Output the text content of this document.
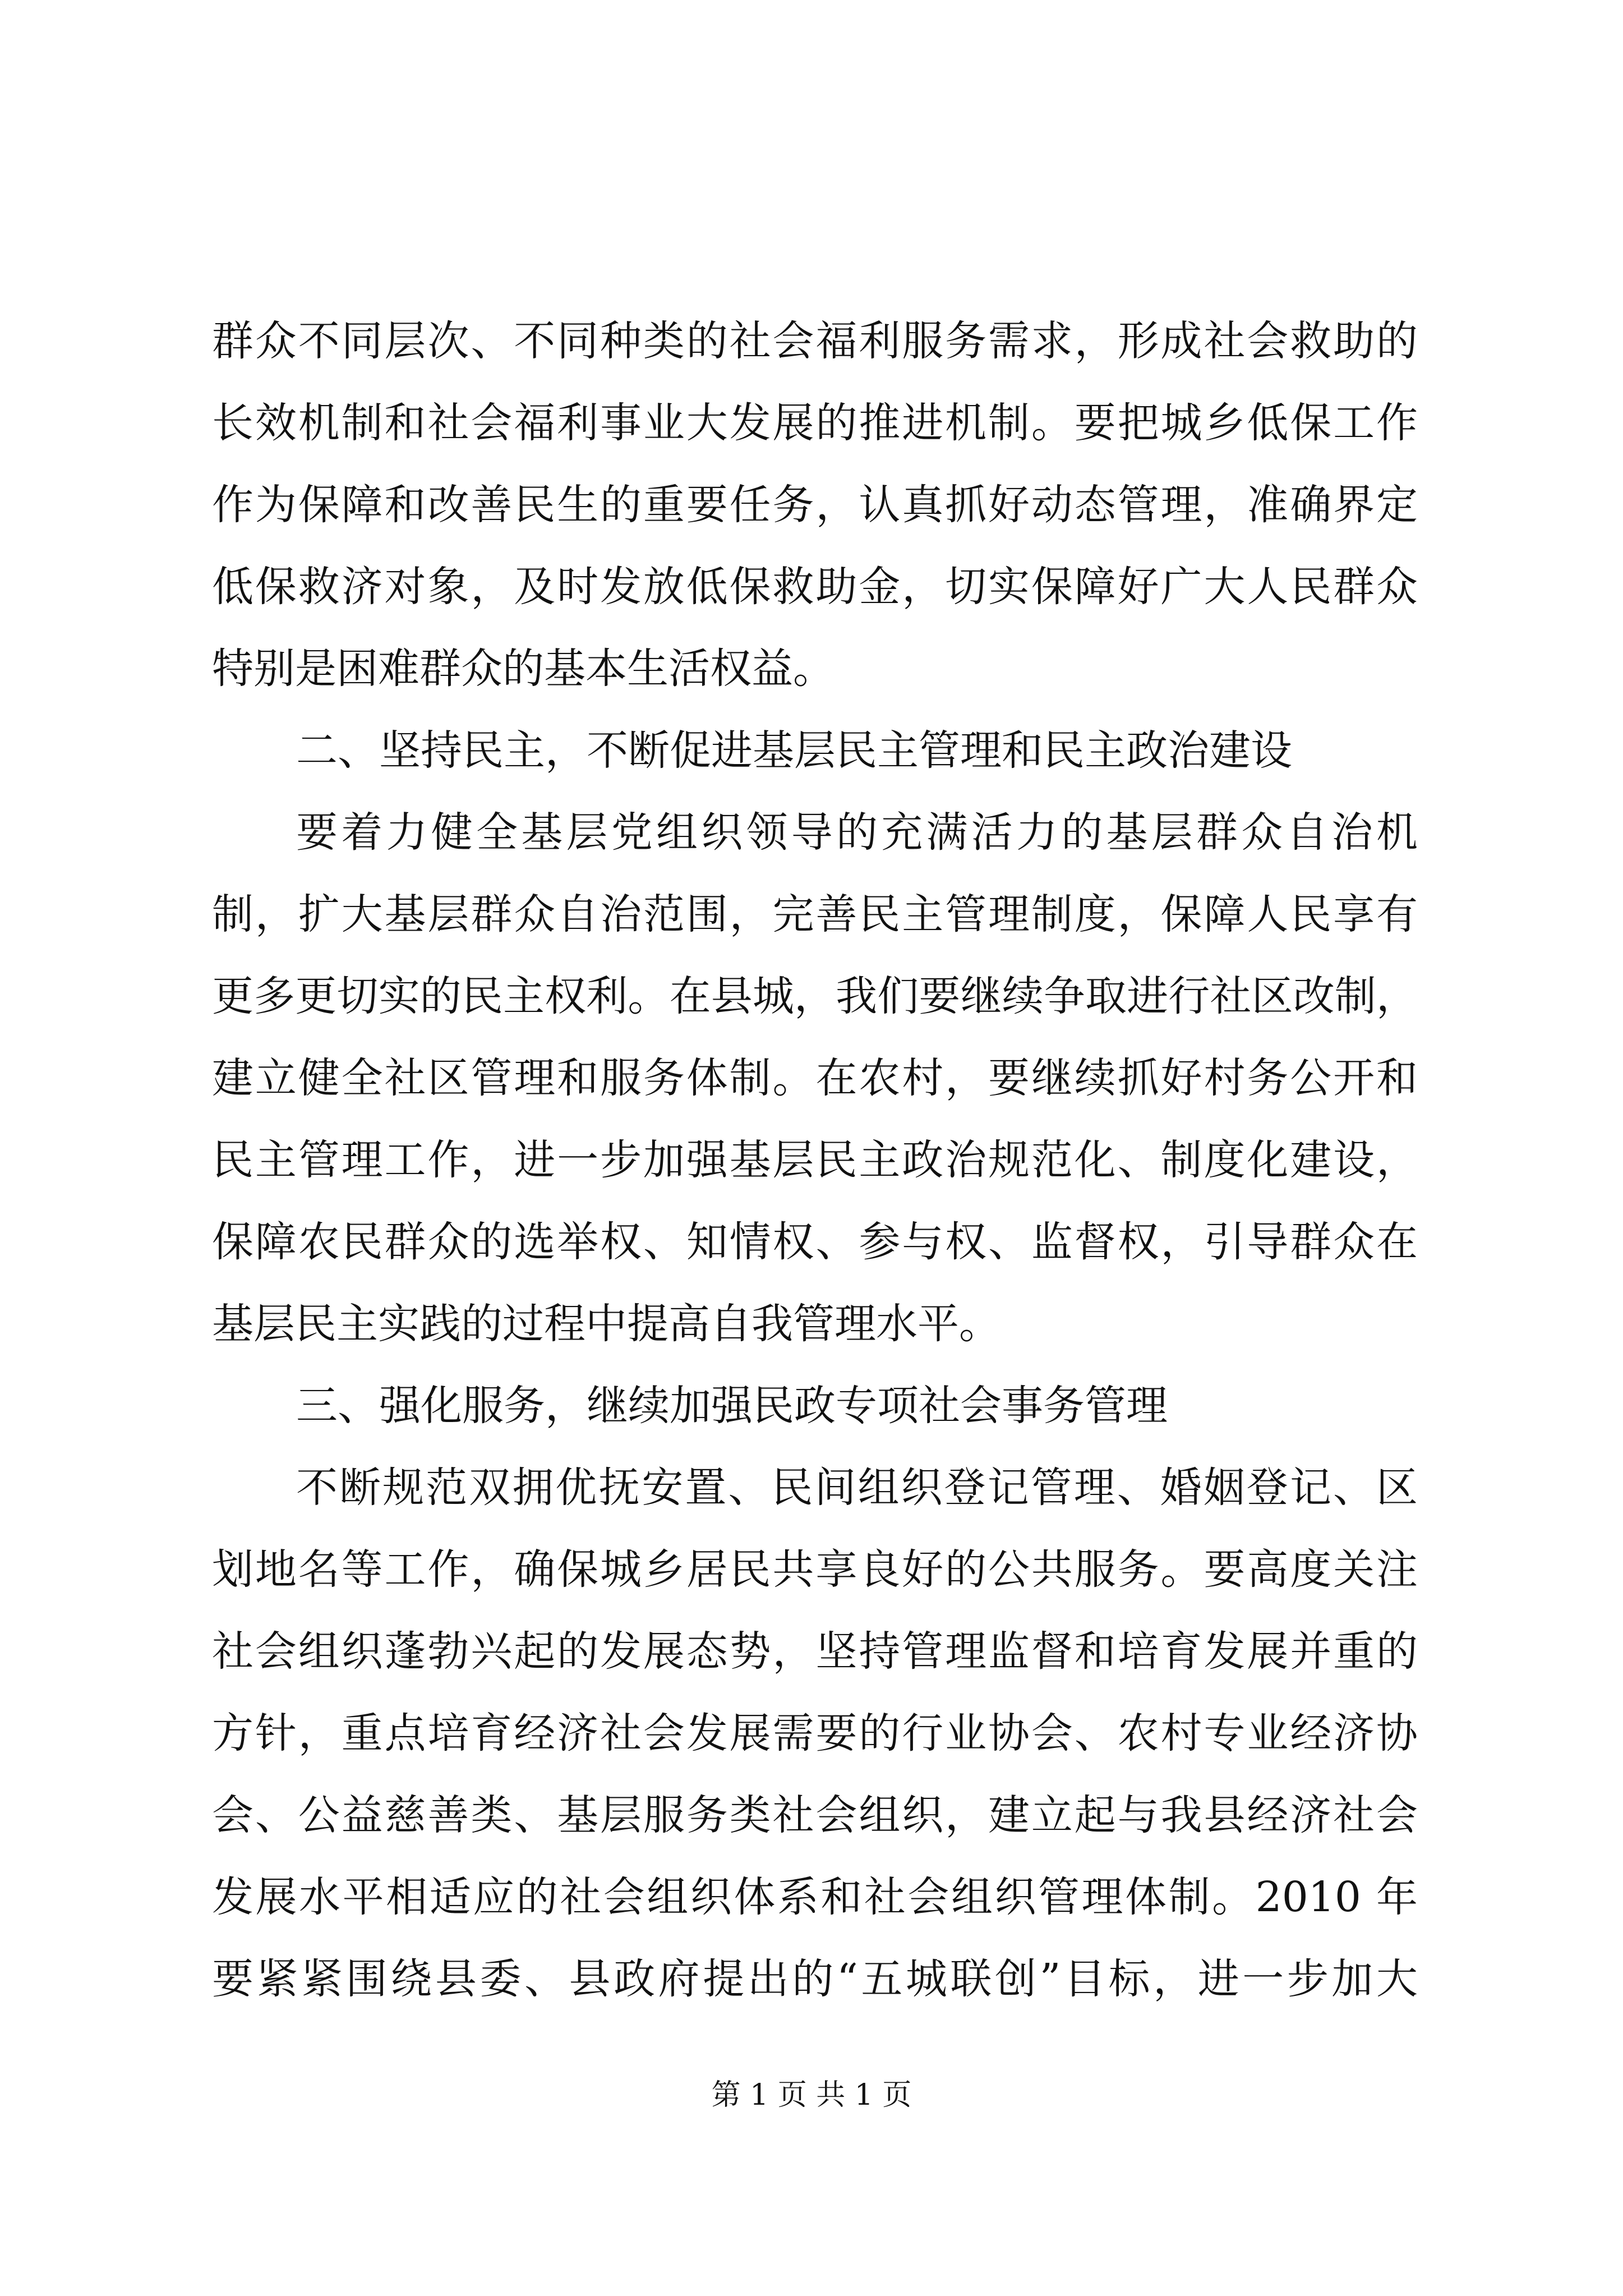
群众不同层次、不同种类的社会福利服务需求，形成社会救助的
长效机制和社会福利事业大发展的推进机制。要把城乡低保工作
作为保障和改善民生的重要任务，认真抓好动态管理，准确界定
低保救济对象，及时发放低保救助金，切实保障好广大人民群众
特别是困难群众的基本生活权益。
二、坚持民主，不断促进基层民主管理和民主政治建设
要着力健全基层党组织领导的充满活力的基层群众自治机
制，扩大基层群众自治范围，完善民主管理制度，保障人民享有
更多更切实的民主权利。在县城，我们要继续争取进行社区改制，
建立健全社区管理和服务体制。在农村，要继续抓好村务公开和
民主管理工作，进一步加强基层民主政治规范化、制度化建设，
保障农民群众的选举权、知情权、参与权、监督权，引导群众在
基层民主实践的过程中提高自我管理水平。
三、强化服务，继续加强民政专项社会事务管理
不断规范双拥优抚安置、民间组织登记管理、婚姻登记、区
划地名等工作，确保城乡居民共享良好的公共服务。要高度关注
社会组织蓬勃兴起的发展态势，坚持管理监督和培育发展并重的
方针，重点培育经济社会发展需要的行业协会、农村专业经济协
会、公益慈善类、基层服务类社会组织，建立起与我县经济社会
发展水平相适应的社会组织体系和社会组织管理体制。2010 年
要紧紧围绕县委、县政府提出的“五城联创”目标，进一步加大
第 1 页 共 1 页
